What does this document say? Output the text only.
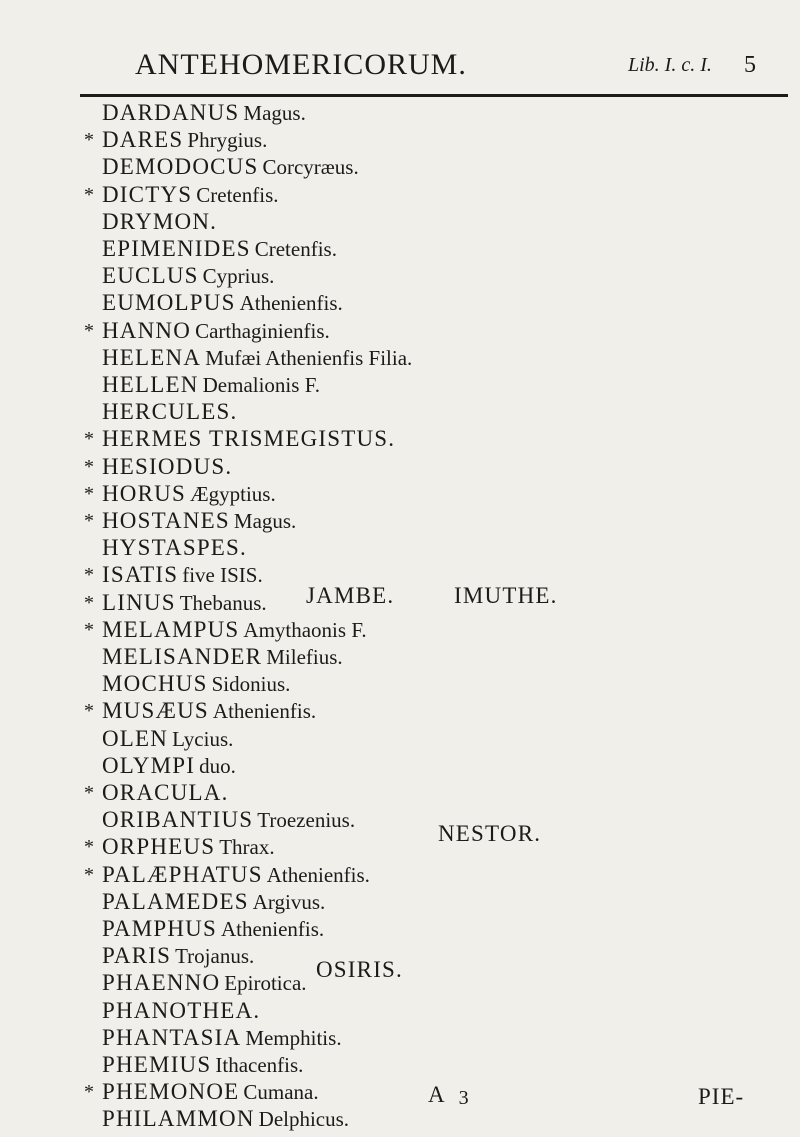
ANTEHOMERICORUM.	Lib. I. c. I. 5
DARDANUS Magus.
* DARES Phrygius.
DEMODOCUS Corcyræus.
* DICTYS Cretenfis.
DRYMON.
EPIMENIDES Cretenfis.
EUCLUS Cyprius.
EUMOLPUS Athenienfis.
* HANNO Carthaginienfis.
HELENA Mufæi Athenienfis Filia.
HELLEN Demalionis F.
HERCULES.
* HERMES TRISMEGISTUS.
* HESIODUS.
* HORUS Ægyptius.
* HOSTANES Magus.
HYSTASPES.
* ISATIS five ISIS.
* LINUS Thebanus.
* MELAMPUS Amythaonis F.
MELISANDER Milefius.
MOCHUS Sidonius.
* MUSÆUS Athenienfis.
OLEN Lycius.
OLYMPI duo.
* ORACULA.
ORIBANTIUS Troezenius.
* ORPHEUS Thrax.
* PALÆPHATUS Athenienfis.
PALAMEDES Argivus.
PAMPHUS Athenienfis.
PARIS Trojanus.
PHAENNO Epirotica.
PHANOTHEA.
PHANTASIA Memphitis.
PHEMIUS Ithacenfis.
* PHEMONOE Cumana.
PHILAMMON Delphicus.
JAMBE.	IMUTHE.
NESTOR.
OSIRIS.
A 3	PIE-
